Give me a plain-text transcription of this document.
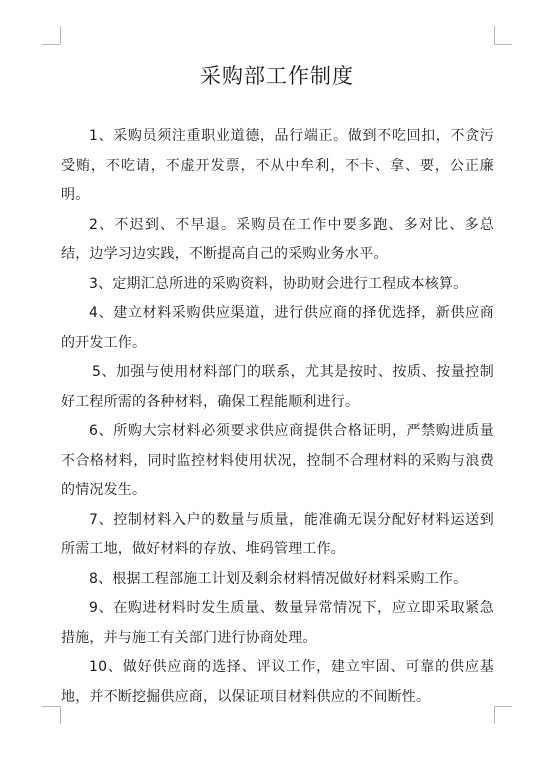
采购部工作制度

1、采购员须注重职业道德，品行端正。做到不吃回扣，不贪污受贿，不吃请，不虚开发票，不从中牟利，不卡、拿、要，公正廉明。

2、不迟到、不早退。采购员在工作中要多跑、多对比、多总结，边学习边实践，不断提高自己的采购业务水平。

3、定期汇总所进的采购资料，协助财会进行工程成本核算。

4、建立材料采购供应渠道，进行供应商的择优选择，新供应商的开发工作。

5、加强与使用材料部门的联系，尤其是按时、按质、按量控制好工程所需的各种材料，确保工程能顺利进行。

6、所购大宗材料必须要求供应商提供合格证明，严禁购进质量不合格材料，同时监控材料使用状况，控制不合理材料的采购与浪费的情况发生。

7、控制材料入户的数量与质量，能准确无误分配好材料运送到所需工地，做好材料的存放、堆码管理工作。

8、根据工程部施工计划及剩余材料情况做好材料采购工作。

9、在购进材料时发生质量、数量异常情况下，应立即采取紧急措施，并与施工有关部门进行协商处理。

10、做好供应商的选择、评议工作，建立牢固、可靠的供应基地，并不断挖掘供应商，以保证项目材料供应的不间断性。
